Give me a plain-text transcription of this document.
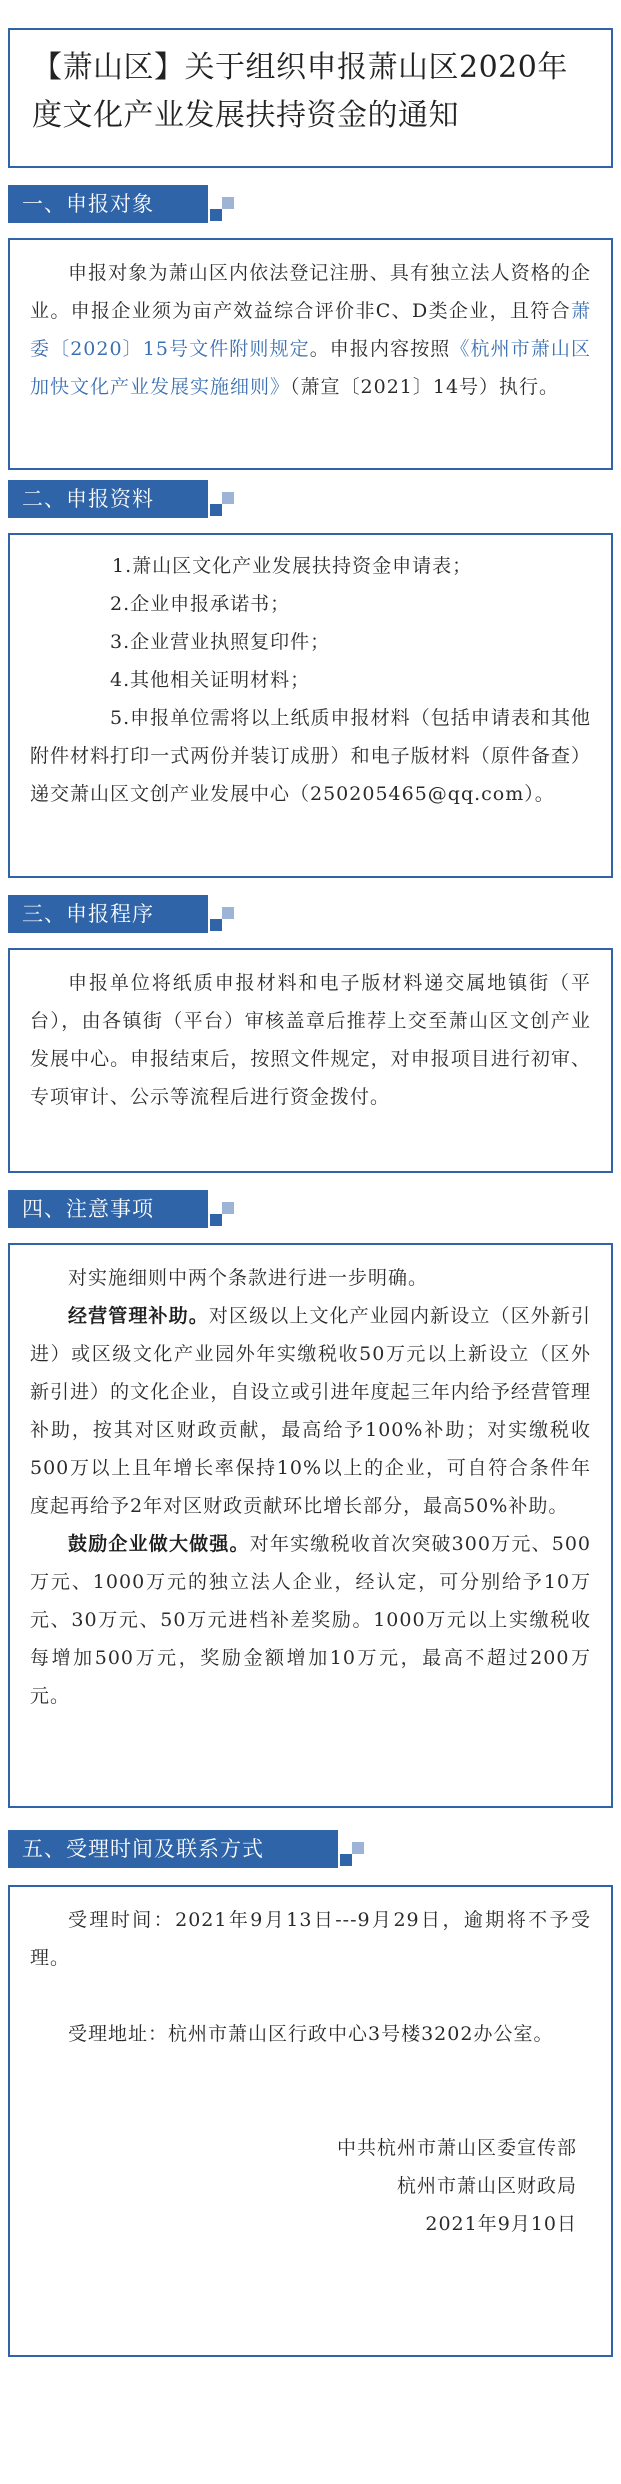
【萧山区】关于组织申报萧山区2020年度文化产业发展扶持资金的通知
一、申报对象

申报对象为萧山区内依法登记注册、具有独立法人资格的企业。申报企业须为亩产效益综合评价非C、D类企业，且符合萧委〔2020〕15号文件附则规定。申报内容按照《杭州市萧山区加快文化产业发展实施细则》（萧宣〔2021〕14号）执行。

二、申报资料

1.萧山区文化产业发展扶持资金申请表；

2.企业申报承诺书；

3.企业营业执照复印件；

4.其他相关证明材料；

5.申报单位需将以上纸质申报材料（包括申请表和其他附件材料打印一式两份并装订成册）和电子版材料（原件备查）递交萧山区文创产业发展中心（250205465@qq.com）。

三、申报程序

申报单位将纸质申报材料和电子版材料递交属地镇街（平台），由各镇街（平台）审核盖章后推荐上交至萧山区文创产业发展中心。申报结束后，按照文件规定，对申报项目进行初审、专项审计、公示等流程后进行资金拨付。

四、注意事项

对实施细则中两个条款进行进一步明确。

经营管理补助。对区级以上文化产业园内新设立（区外新引进）或区级文化产业园外年实缴税收50万元以上新设立（区外新引进）的文化企业，自设立或引进年度起三年内给予经营管理补助，按其对区财政贡献，最高给予100%补助；对实缴税收500万以上且年增长率保持10%以上的企业，可自符合条件年度起再给予2年对区财政贡献环比增长部分，最高50%补助。

鼓励企业做大做强。对年实缴税收首次突破300万元、500万元、1000万元的独立法人企业，经认定，可分别给予10万元、30万元、50万元进档补差奖励。1000万元以上实缴税收每增加500万元，奖励金额增加10万元，最高不超过200万元。

五、受理时间及联系方式

受理时间：2021年9月13日---9月29日，逾期将不予受理。

受理地址：杭州市萧山区行政中心3号楼3202办公室。

中共杭州市萧山区委宣传部

杭州市萧山区财政局

2021年9月10日
